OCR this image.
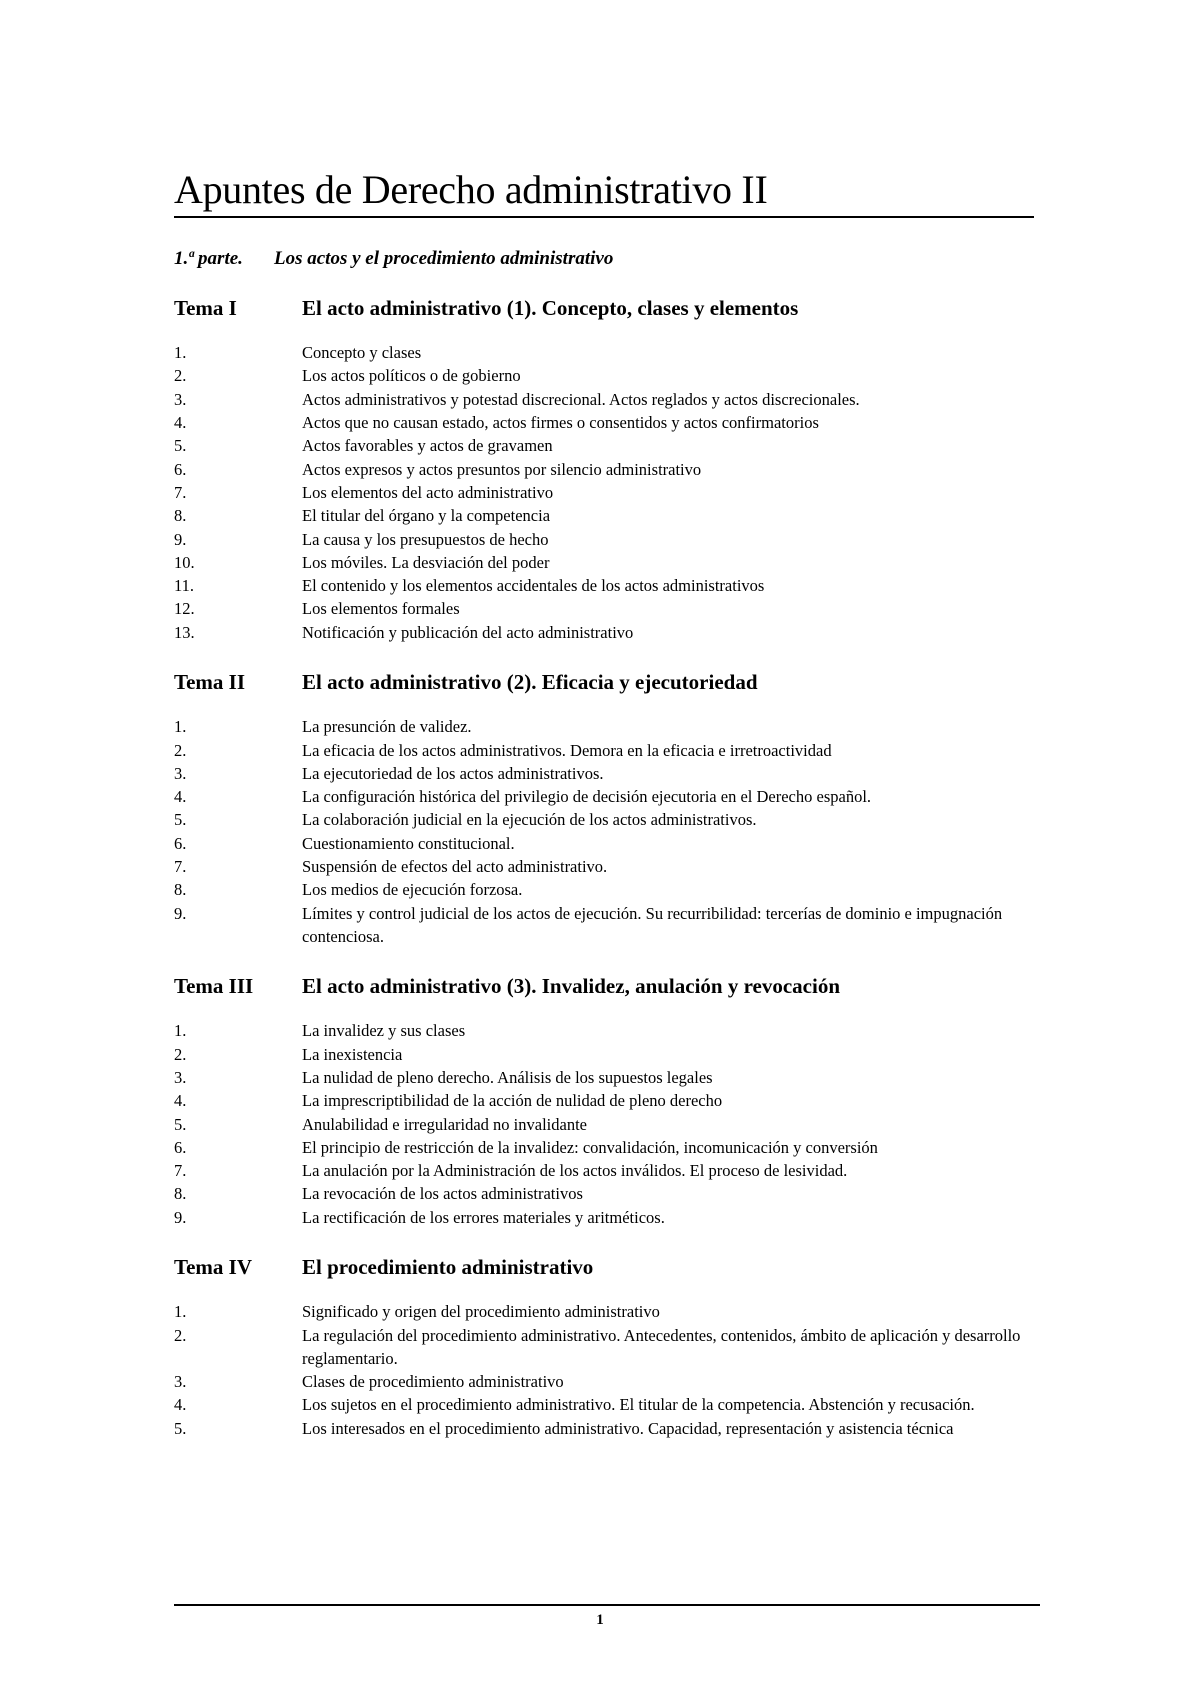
Apuntes de Derecho administrativo II
1.ª parte.	Los actos y el procedimiento administrativo
Tema I	El acto administrativo (1). Concepto, clases y elementos
1.	Concepto y clases
2.	Los actos políticos o de gobierno
3.	Actos administrativos y potestad discrecional. Actos reglados y actos discrecionales.
4.	Actos que no causan estado, actos firmes o consentidos y actos confirmatorios
5.	Actos favorables y actos de gravamen
6.	Actos expresos y actos presuntos por silencio administrativo
7.	Los elementos del acto administrativo
8.	El titular del órgano y la competencia
9.	La causa y los presupuestos de hecho
10.	Los móviles. La desviación del poder
11.	El contenido y los elementos accidentales de los actos administrativos
12.	Los elementos formales
13.	Notificación y publicación del acto administrativo
Tema II	El acto administrativo (2). Eficacia y ejecutoriedad
1.	La presunción de validez.
2.	La eficacia de los actos administrativos. Demora en la eficacia e irretroactividad
3.	La ejecutoriedad de los actos administrativos.
4.	La configuración histórica del privilegio de decisión ejecutoria en el Derecho español.
5.	La colaboración judicial en la ejecución de los actos administrativos.
6.	Cuestionamiento constitucional.
7.	Suspensión de efectos del acto administrativo.
8.	Los medios de ejecución forzosa.
9.	Límites y control judicial de los actos de ejecución. Su recurribilidad: tercerías de dominio e impugnación contenciosa.
Tema III	El acto administrativo (3). Invalidez, anulación y revocación
1.	La invalidez y sus clases
2.	La inexistencia
3.	La nulidad de pleno derecho. Análisis de los supuestos legales
4.	La imprescriptibilidad de la acción de nulidad de pleno derecho
5.	Anulabilidad e irregularidad no invalidante
6.	El principio de restricción de la invalidez: convalidación, incomunicación y conversión
7.	La anulación por la Administración de los actos inválidos. El proceso de lesividad.
8.	La revocación de los actos administrativos
9.	La rectificación de los errores materiales y aritméticos.
Tema IV	El procedimiento administrativo
1.	Significado y origen del procedimiento administrativo
2.	La regulación del procedimiento administrativo. Antecedentes, contenidos, ámbito de aplicación y desarrollo reglamentario.
3.	Clases de procedimiento administrativo
4.	Los sujetos en el procedimiento administrativo. El titular de la competencia. Abstención y recusación.
5.	Los interesados en el procedimiento administrativo. Capacidad, representación y asistencia técnica
1
